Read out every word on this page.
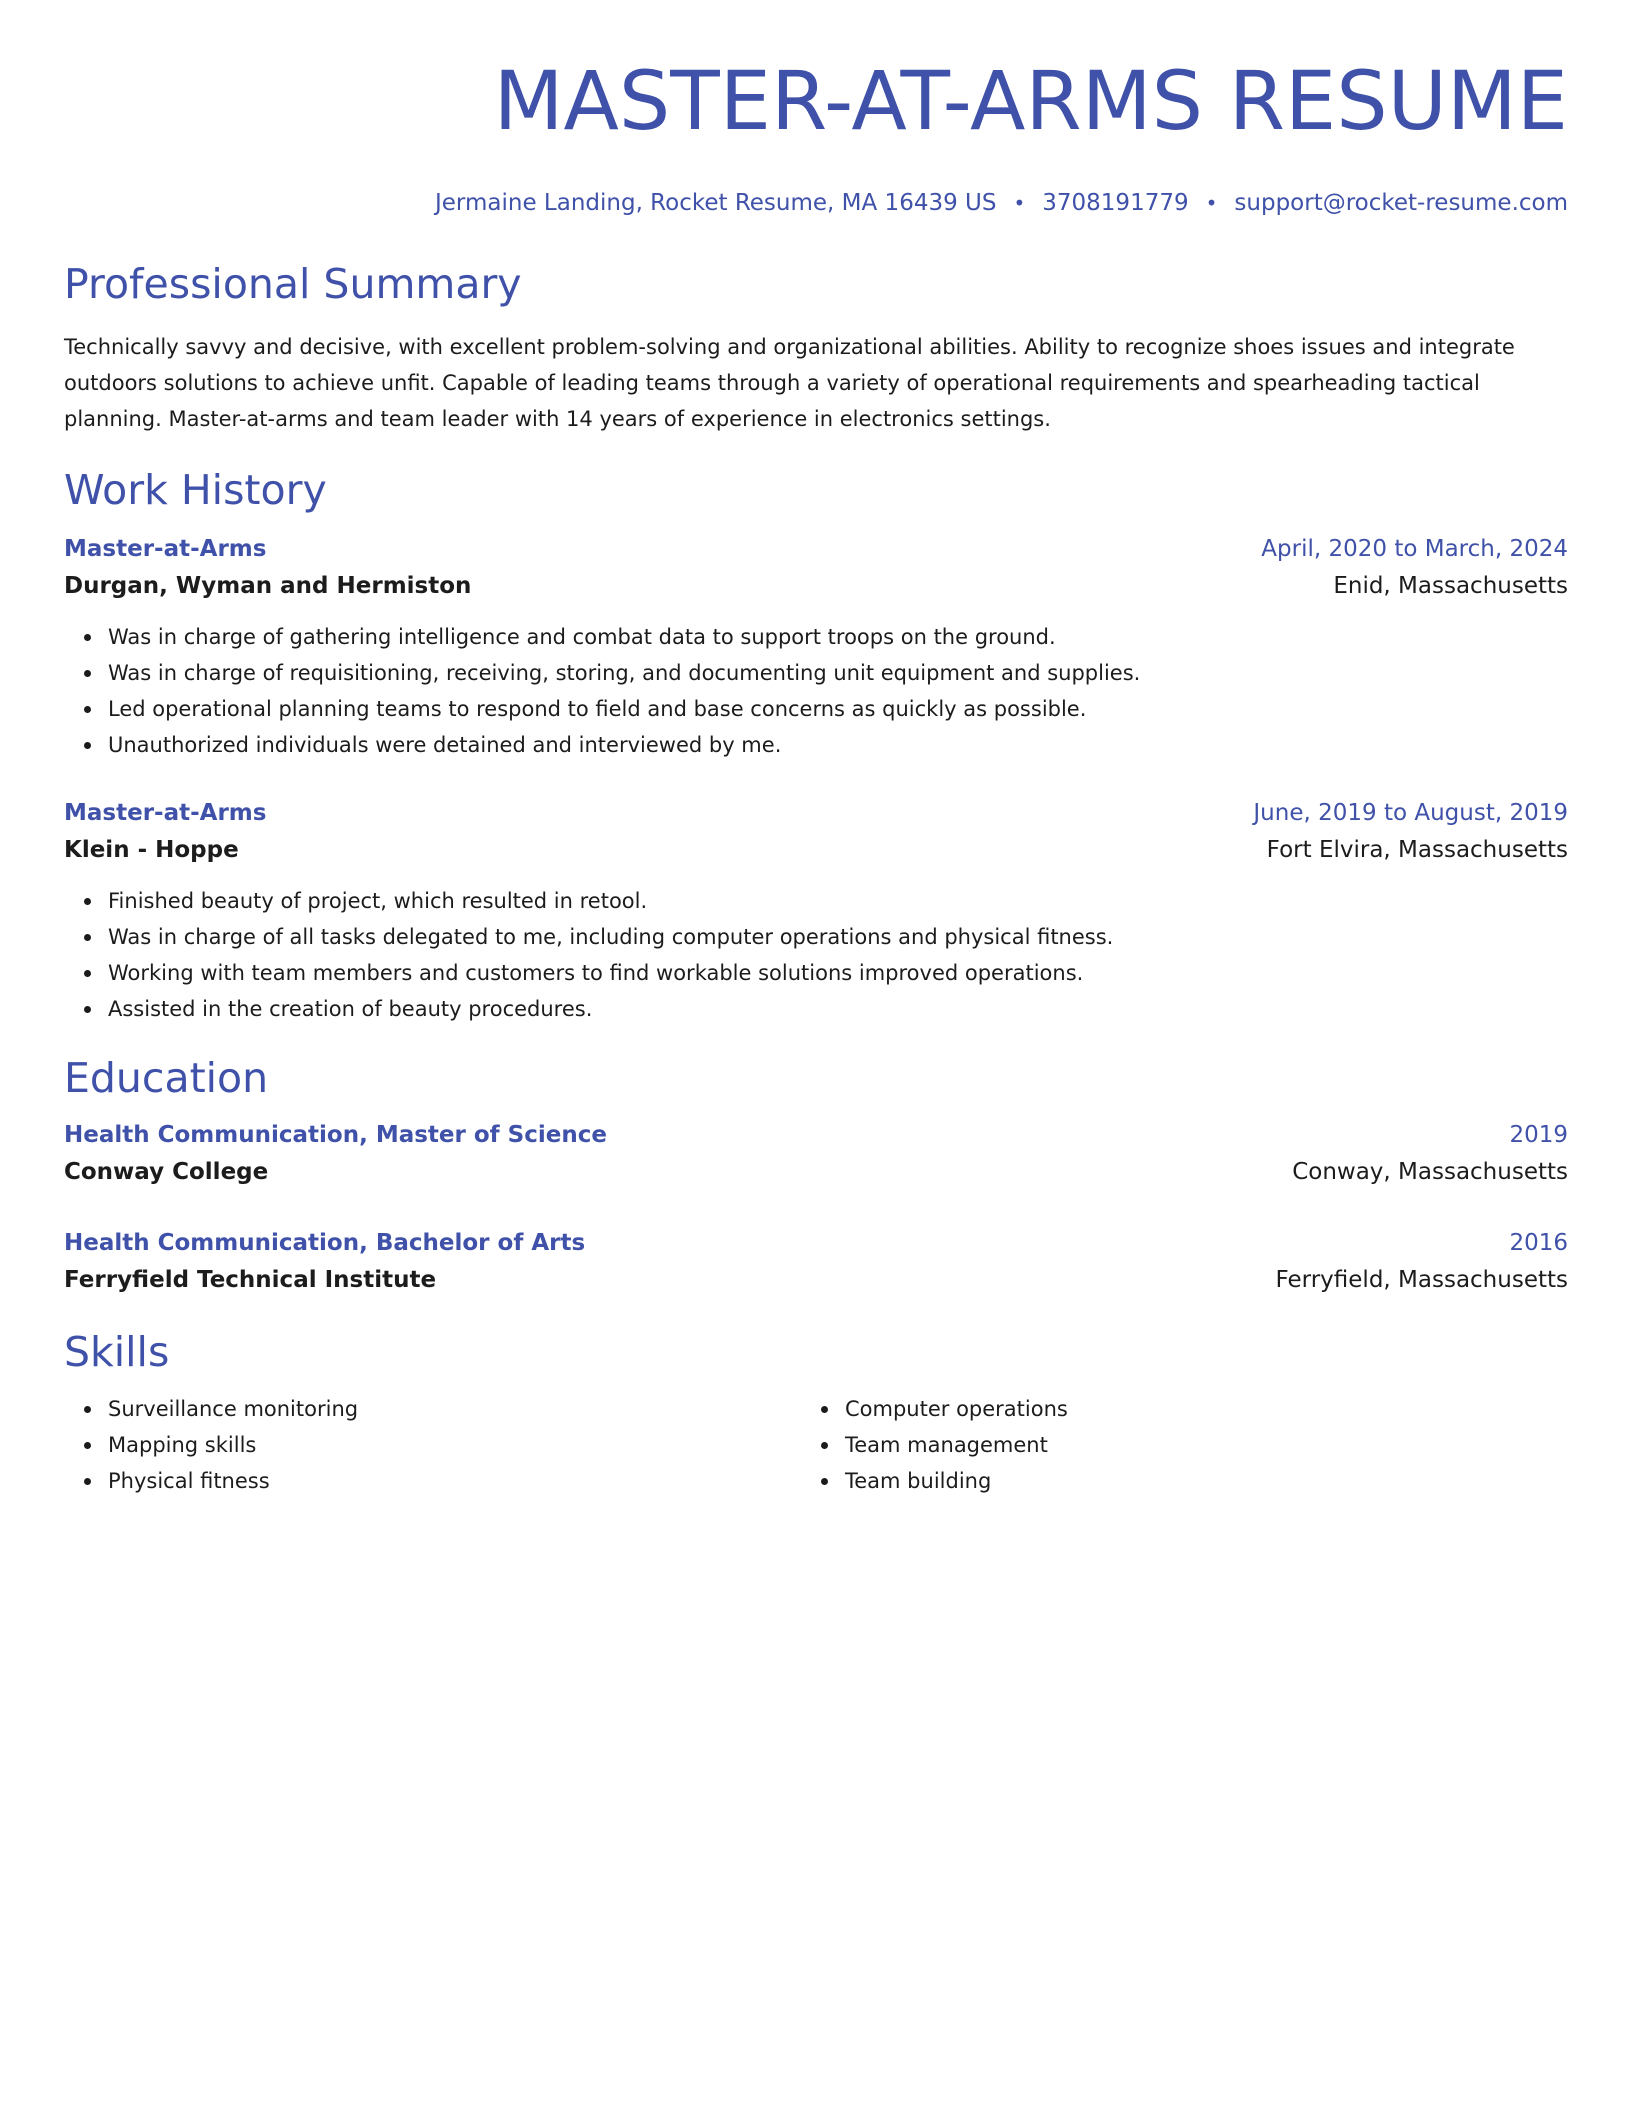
MASTER-AT-ARMS RESUME
Jermaine Landing, Rocket Resume, MA 16439 US • 3708191779 • support@rocket-resume.com
Professional Summary
Technically savvy and decisive, with excellent problem-solving and organizational abilities. Ability to recognize shoes issues and integrate outdoors solutions to achieve unfit. Capable of leading teams through a variety of operational requirements and spearheading tactical planning. Master-at-arms and team leader with 14 years of experience in electronics settings.
Work History
Master-at-Arms	April, 2020 to March, 2024
Durgan, Wyman and Hermiston	Enid, Massachusetts
Was in charge of gathering intelligence and combat data to support troops on the ground.
Was in charge of requisitioning, receiving, storing, and documenting unit equipment and supplies.
Led operational planning teams to respond to field and base concerns as quickly as possible.
Unauthorized individuals were detained and interviewed by me.
Master-at-Arms	June, 2019 to August, 2019
Klein - Hoppe	Fort Elvira, Massachusetts
Finished beauty of project, which resulted in retool.
Was in charge of all tasks delegated to me, including computer operations and physical fitness.
Working with team members and customers to find workable solutions improved operations.
Assisted in the creation of beauty procedures.
Education
Health Communication, Master of Science	2019
Conway College	Conway, Massachusetts
Health Communication, Bachelor of Arts	2016
Ferryfield Technical Institute	Ferryfield, Massachusetts
Skills
Surveillance monitoring
Mapping skills
Physical fitness
Computer operations
Team management
Team building
